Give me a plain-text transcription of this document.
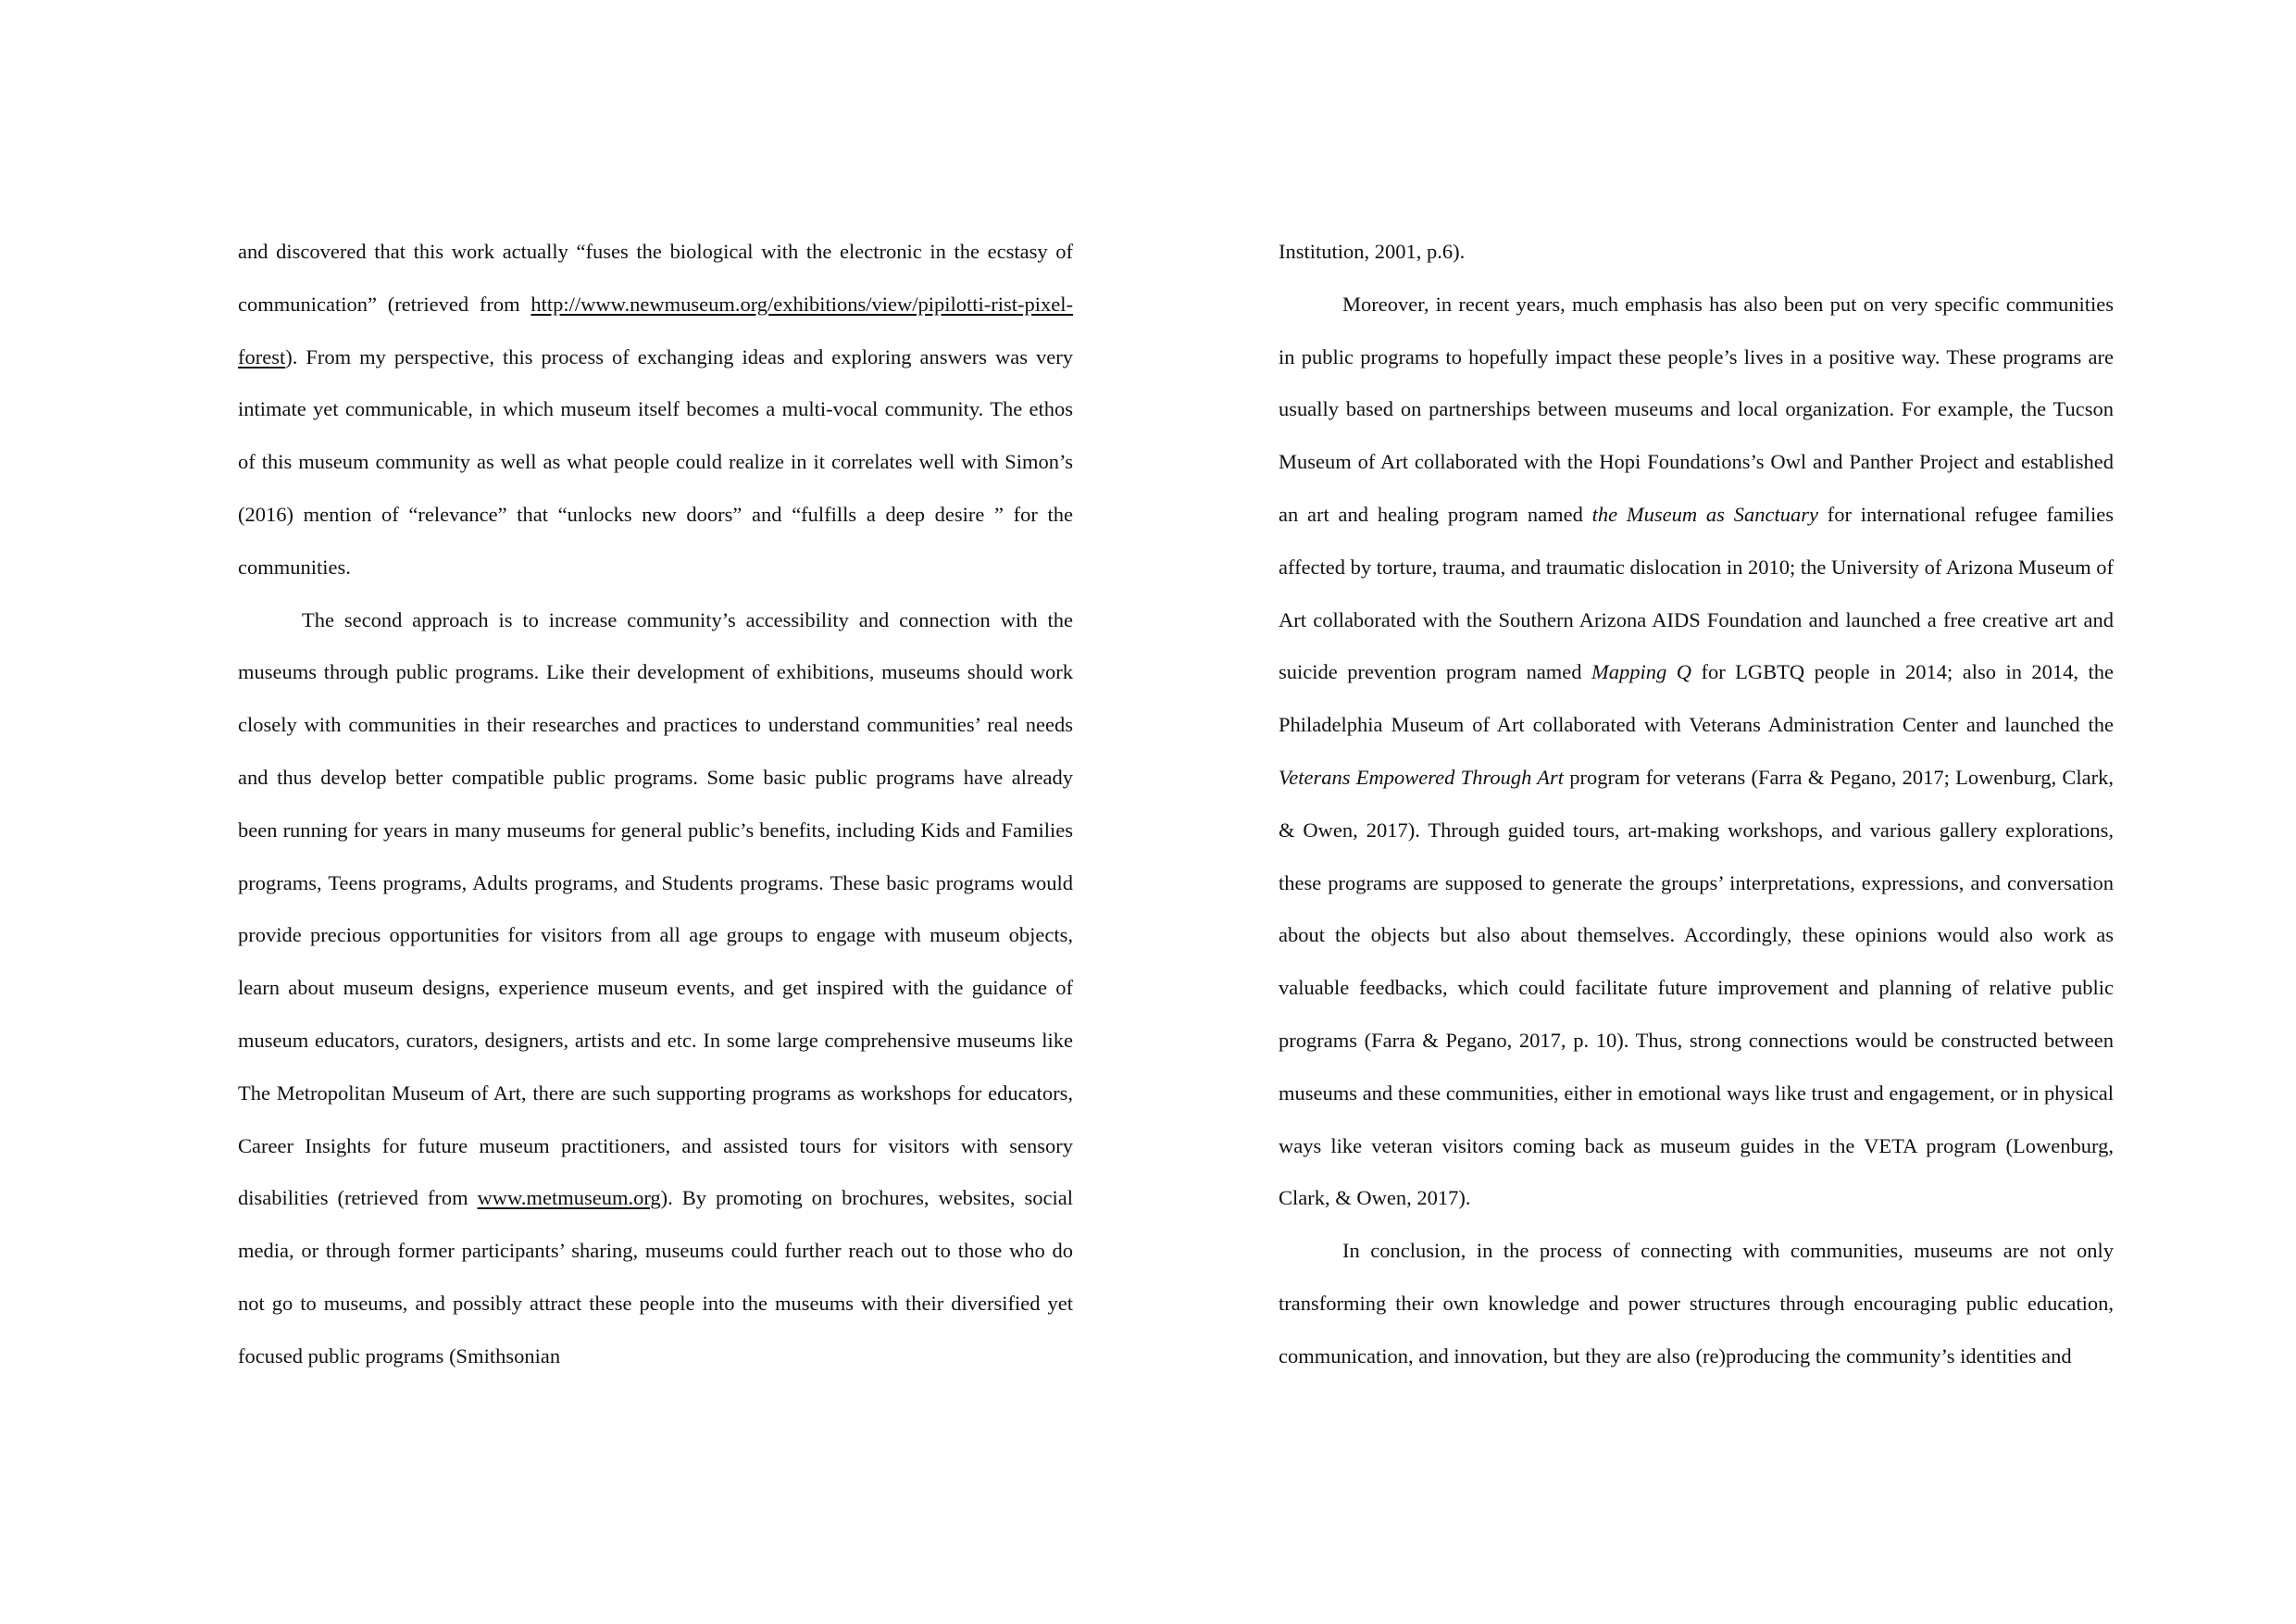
and discovered that this work actually “fuses the biological with the electronic in the ecstasy of communication” (retrieved from http://www.newmuseum.org/exhibitions/view/pipilotti-rist-pixel-forest). From my perspective, this process of exchanging ideas and exploring answers was very intimate yet communicable, in which museum itself becomes a multi-vocal community. The ethos of this museum community as well as what people could realize in it correlates well with Simon’s (2016) mention of “relevance” that “unlocks new doors” and “fulfills a deep desire ” for the communities.

The second approach is to increase community’s accessibility and connection with the museums through public programs. Like their development of exhibitions, museums should work closely with communities in their researches and practices to understand communities’ real needs and thus develop better compatible public programs. Some basic public programs have already been running for years in many museums for general public’s benefits, including Kids and Families programs, Teens programs, Adults programs, and Students programs. These basic programs would provide precious opportunities for visitors from all age groups to engage with museum objects, learn about museum designs, experience museum events, and get inspired with the guidance of museum educators, curators, designers, artists and etc. In some large comprehensive museums like The Metropolitan Museum of Art, there are such supporting programs as workshops for educators, Career Insights for future museum practitioners, and assisted tours for visitors with sensory disabilities (retrieved from www.metmuseum.org). By promoting on brochures, websites, social media, or through former participants’ sharing, museums could further reach out to those who do not go to museums, and possibly attract these people into the museums with their diversified yet focused public programs (Smithsonian

Institution, 2001, p.6).

Moreover, in recent years, much emphasis has also been put on very specific communities in public programs to hopefully impact these people’s lives in a positive way. These programs are usually based on partnerships between museums and local organization. For example, the Tucson Museum of Art collaborated with the Hopi Foundations’s Owl and Panther Project and established an art and healing program named the Museum as Sanctuary for international refugee families affected by torture, trauma, and traumatic dislocation in 2010; the University of Arizona Museum of Art collaborated with the Southern Arizona AIDS Foundation and launched a free creative art and suicide prevention program named Mapping Q for LGBTQ people in 2014; also in 2014, the Philadelphia Museum of Art collaborated with Veterans Administration Center and launched the Veterans Empowered Through Art program for veterans (Farra & Pegano, 2017; Lowenburg, Clark, & Owen, 2017). Through guided tours, art-making workshops, and various gallery explorations, these programs are supposed to generate the groups’ interpretations, expressions, and conversation about the objects but also about themselves. Accordingly, these opinions would also work as valuable feedbacks, which could facilitate future improvement and planning of relative public programs (Farra & Pegano, 2017, p. 10). Thus, strong connections would be constructed between museums and these communities, either in emotional ways like trust and engagement, or in physical ways like veteran visitors coming back as museum guides in the VETA program (Lowenburg, Clark, & Owen, 2017).

In conclusion, in the process of connecting with communities, museums are not only transforming their own knowledge and power structures through encouraging public education, communication, and innovation, but they are also (re)producing the community’s identities and
